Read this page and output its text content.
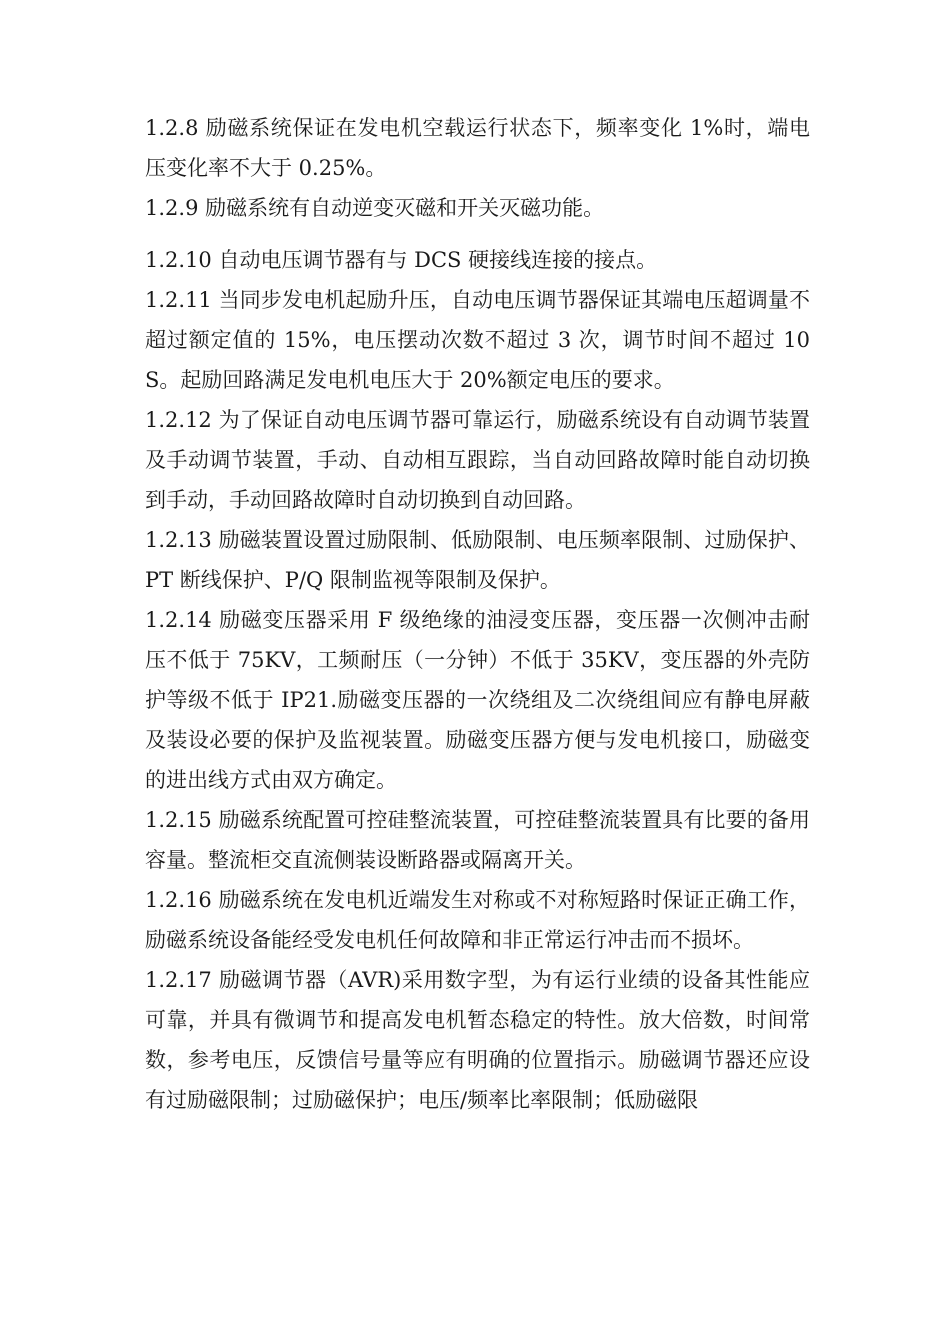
1.2.8 励磁系统保证在发电机空载运行状态下，频率变化 1%时，端电压变化率不大于 0.25%。

1.2.9 励磁系统有自动逆变灭磁和开关灭磁功能。

1.2.10 自动电压调节器有与 DCS 硬接线连接的接点。

1.2.11 当同步发电机起励升压，自动电压调节器保证其端电压超调量不超过额定值的 15%，电压摆动次数不超过 3 次，调节时间不超过 10S。起励回路满足发电机电压大于 20%额定电压的要求。

1.2.12 为了保证自动电压调节器可靠运行，励磁系统设有自动调节装置及手动调节装置，手动、自动相互跟踪，当自动回路故障时能自动切换到手动，手动回路故障时自动切换到自动回路。

1.2.13 励磁装置设置过励限制、低励限制、电压频率限制、过励保护、PT 断线保护、P/Q 限制监视等限制及保护。

1.2.14 励磁变压器采用 F 级绝缘的油浸变压器，变压器一次侧冲击耐压不低于 75KV，工频耐压（一分钟）不低于 35KV，变压器的外壳防护等级不低于 IP21.励磁变压器的一次绕组及二次绕组间应有静电屏蔽及装设必要的保护及监视装置。励磁变压器方便与发电机接口，励磁变的进出线方式由双方确定。

1.2.15 励磁系统配置可控硅整流装置，可控硅整流装置具有比要的备用容量。整流柜交直流侧装设断路器或隔离开关。

1.2.16 励磁系统在发电机近端发生对称或不对称短路时保证正确工作，励磁系统设备能经受发电机任何故障和非正常运行冲击而不损坏。

1.2.17 励磁调节器（AVR)采用数字型，为有运行业绩的设备其性能应可靠，并具有微调节和提高发电机暂态稳定的特性。放大倍数，时间常数，参考电压，反馈信号量等应有明确的位置指示。励磁调节器还应设有过励磁限制；过励磁保护；电压/频率比率限制；低励磁限
